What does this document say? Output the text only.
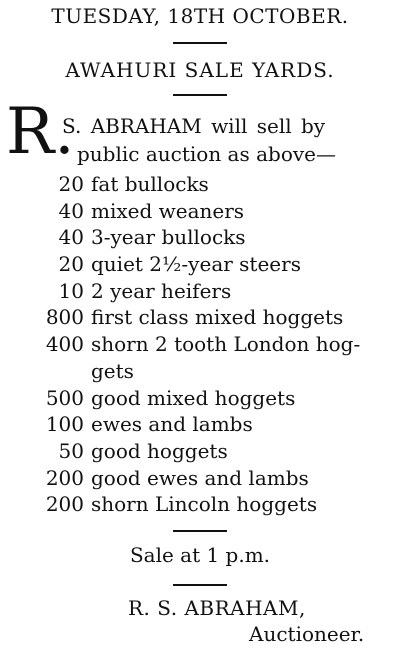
TUESDAY, 18TH OCTOBER.
AWAHURI SALE YARDS.
R.
S. ABRAHAM will sell by
public auction as above—
20 fat bullocks
40 mixed weaners
40 3-year bullocks
20 quiet 2½-year steers
10 2 year heifers
800 first class mixed hoggets
400 shorn 2 tooth London hog-
gets
500 good mixed hoggets
100 ewes and lambs
50 good hoggets
200 good ewes and lambs
200 shorn Lincoln hoggets
Sale at 1 p.m.
R. S. ABRAHAM,
Auctioneer.
